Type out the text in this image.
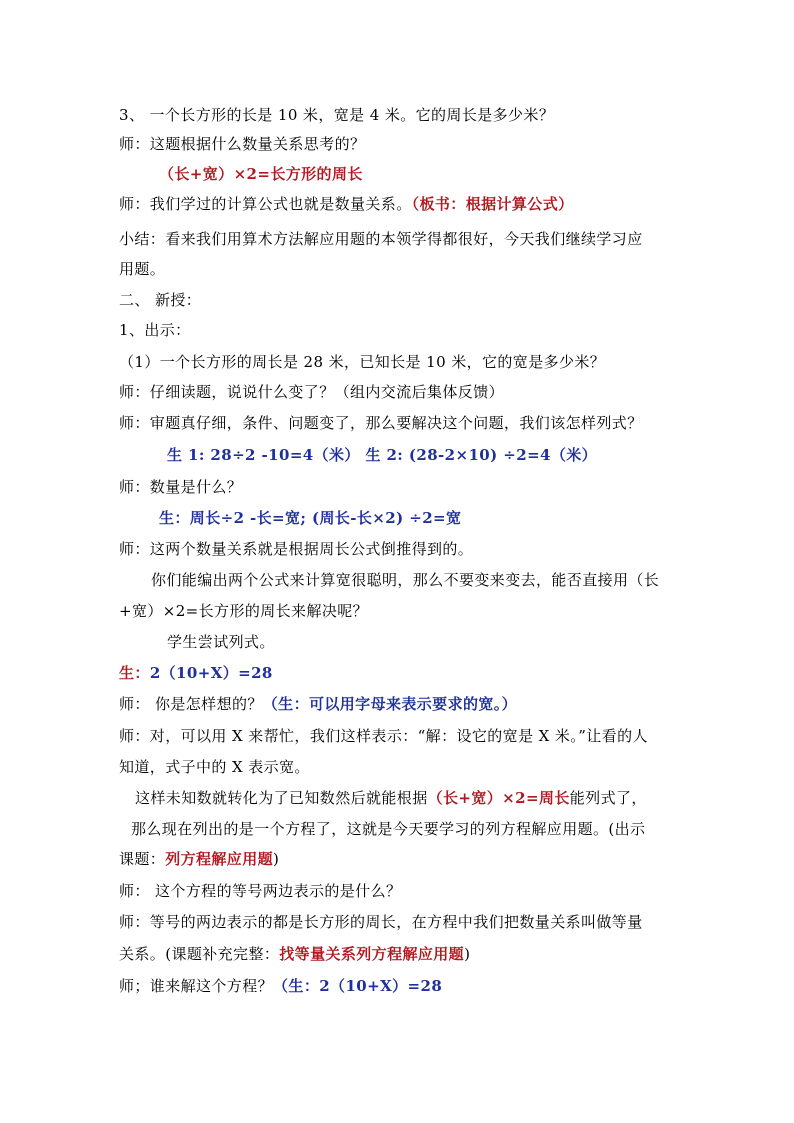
3、 一个长方形的长是 10 米，宽是 4 米。它的周长是多少米？
师：这题根据什么数量关系思考的？
（长+宽）×2=长方形的周长
师：我们学过的计算公式也就是数量关系。（板书：根据计算公式）
小结：看来我们用算术方法解应用题的本领学得都很好，今天我们继续学习应
用题。
二、 新授：
1、出示：
（1）一个长方形的周长是 28 米，已知长是 10 米，它的宽是多少米？
师：仔细读题，说说什么变了？（组内交流后集体反馈）
师：审题真仔细，条件、问题变了，那么要解决这个问题，我们该怎样列式？
生 1: 28÷2 -10=4（米） 生 2: (28-2×10) ÷2=4（米）
师：数量是什么？
生：周长÷2 -长=宽; (周长-长×2) ÷2=宽
师：这两个数量关系就是根据周长公式倒推得到的。
你们能编出两个公式来计算宽很聪明，那么不要变来变去，能否直接用（长
+宽）×2=长方形的周长来解决呢？
学生尝试列式。
生：2（10+X）=28
师： 你是怎样想的？（生：可以用字母来表示要求的宽。）
师：对，可以用 X 来帮忙，我们这样表示：“解：设它的宽是 X 米。”让看的人
知道，式子中的 X 表示宽。
这样未知数就转化为了已知数然后就能根据（长+宽）×2=周长能列式了，
那么现在列出的是一个方程了，这就是今天要学习的列方程解应用题。(出示
课题：列方程解应用题)
师： 这个方程的等号两边表示的是什么？
师：等号的两边表示的都是长方形的周长，在方程中我们把数量关系叫做等量
关系。(课题补充完整：找等量关系列方程解应用题)
师；谁来解这个方程？（生：2（10+X）=28
